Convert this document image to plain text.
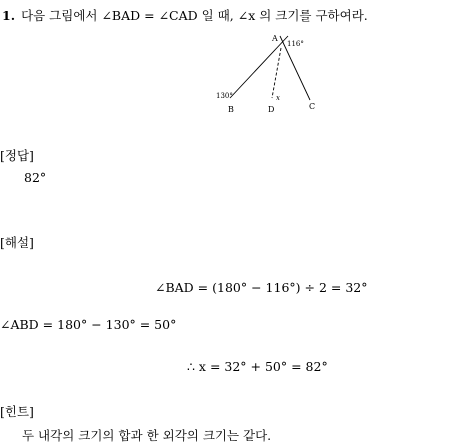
1. 다음 그림에서 ∠BAD = ∠CAD 일 때, ∠x 의 크기를 구하여라.
A
116°
130°	x
B	D	C
[정답]
82°
[해설]
∠BAD = (180° − 116°) ÷ 2 = 32°
∠ABD = 180° − 130° = 50°
∴ x = 32° + 50° = 82°
[힌트]
두 내각의 크기의 합과 한 외각의 크기는 같다.
